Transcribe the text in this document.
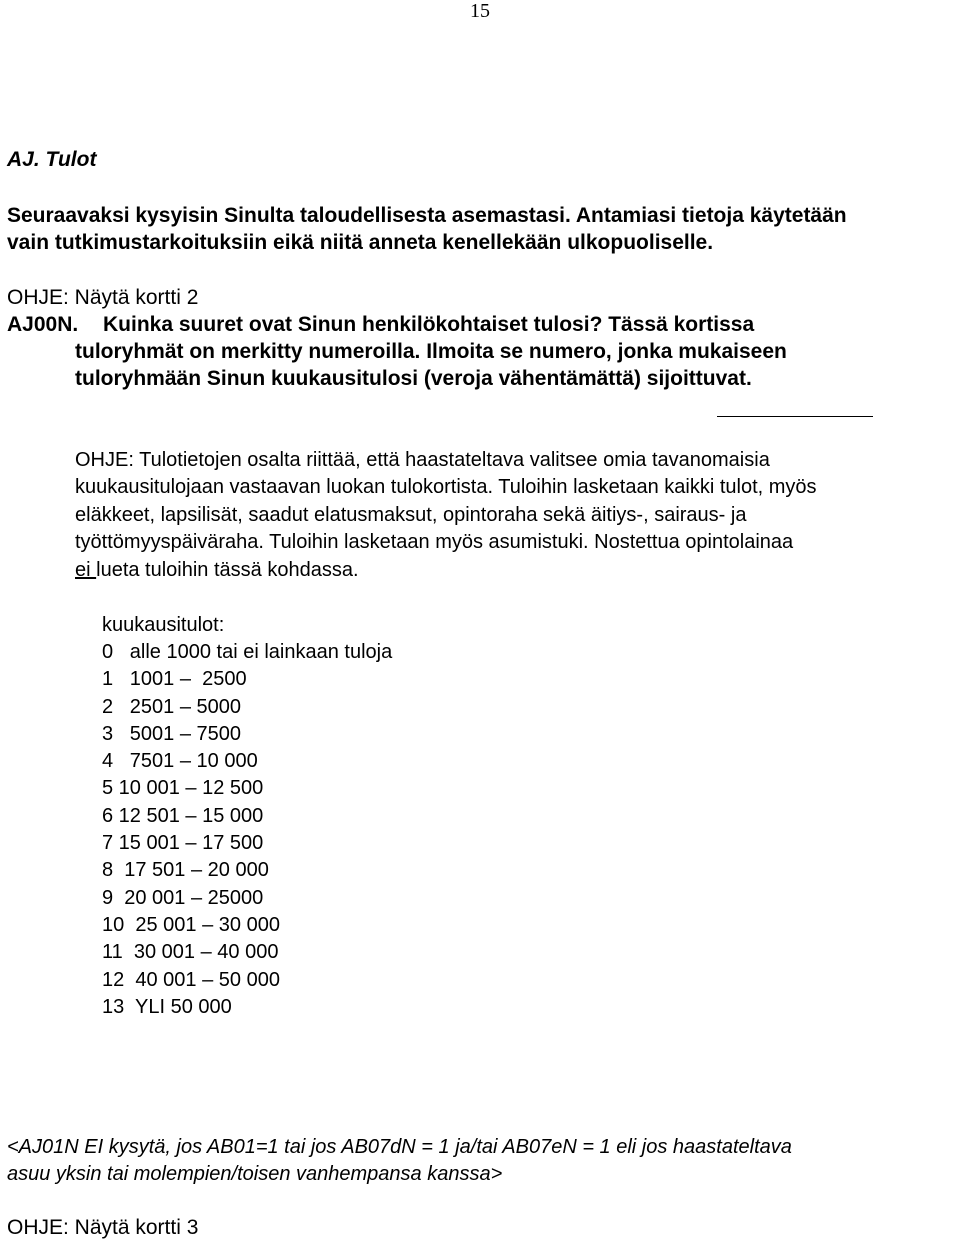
15
AJ. Tulot
Seuraavaksi kysyisin Sinulta taloudellisesta asemastasi. Antamiasi tietoja käytetään
vain tutkimustarkoituksiin eikä niitä anneta kenellekään ulkopuoliselle.
OHJE: Näytä kortti 2
AJ00N. Kuinka suuret ovat Sinun henkilökohtaiset tulosi? Tässä kortissa
tuloryhmät on merkitty numeroilla. Ilmoita se numero, jonka mukaiseen
tuloryhmään Sinun kuukausitulosi (veroja vähentämättä) sijoittuvat.
OHJE: Tulotietojen osalta riittää, että haastateltava valitsee omia tavanomaisia
kuukausitulojaan vastaavan luokan tulokortista. Tuloihin lasketaan kaikki tulot, myös
eläkkeet, lapsilisät, saadut elatusmaksut, opintoraha sekä äitiys-, sairaus- ja
työttömyyspäiväraha. Tuloihin lasketaan myös asumistuki. Nostettua opintolainaa
ei lueta tuloihin tässä kohdassa.
kuukausitulot:
0   alle 1000 tai ei lainkaan tuloja
1   1001 –  2500
2   2501 – 5000
3   5001 – 7500
4   7501 – 10 000
5 10 001 – 12 500
6 12 501 – 15 000
7 15 001 – 17 500
8  17 501 – 20 000
9  20 001 – 25000
10  25 001 – 30 000
11  30 001 – 40 000
12  40 001 – 50 000
13  YLI 50 000
<AJ01N EI kysytä, jos AB01=1 tai jos AB07dN = 1 ja/tai AB07eN = 1 eli jos haastateltava
asuu yksin tai molempien/toisen vanhempansa kanssa>
OHJE: Näytä kortti 3
